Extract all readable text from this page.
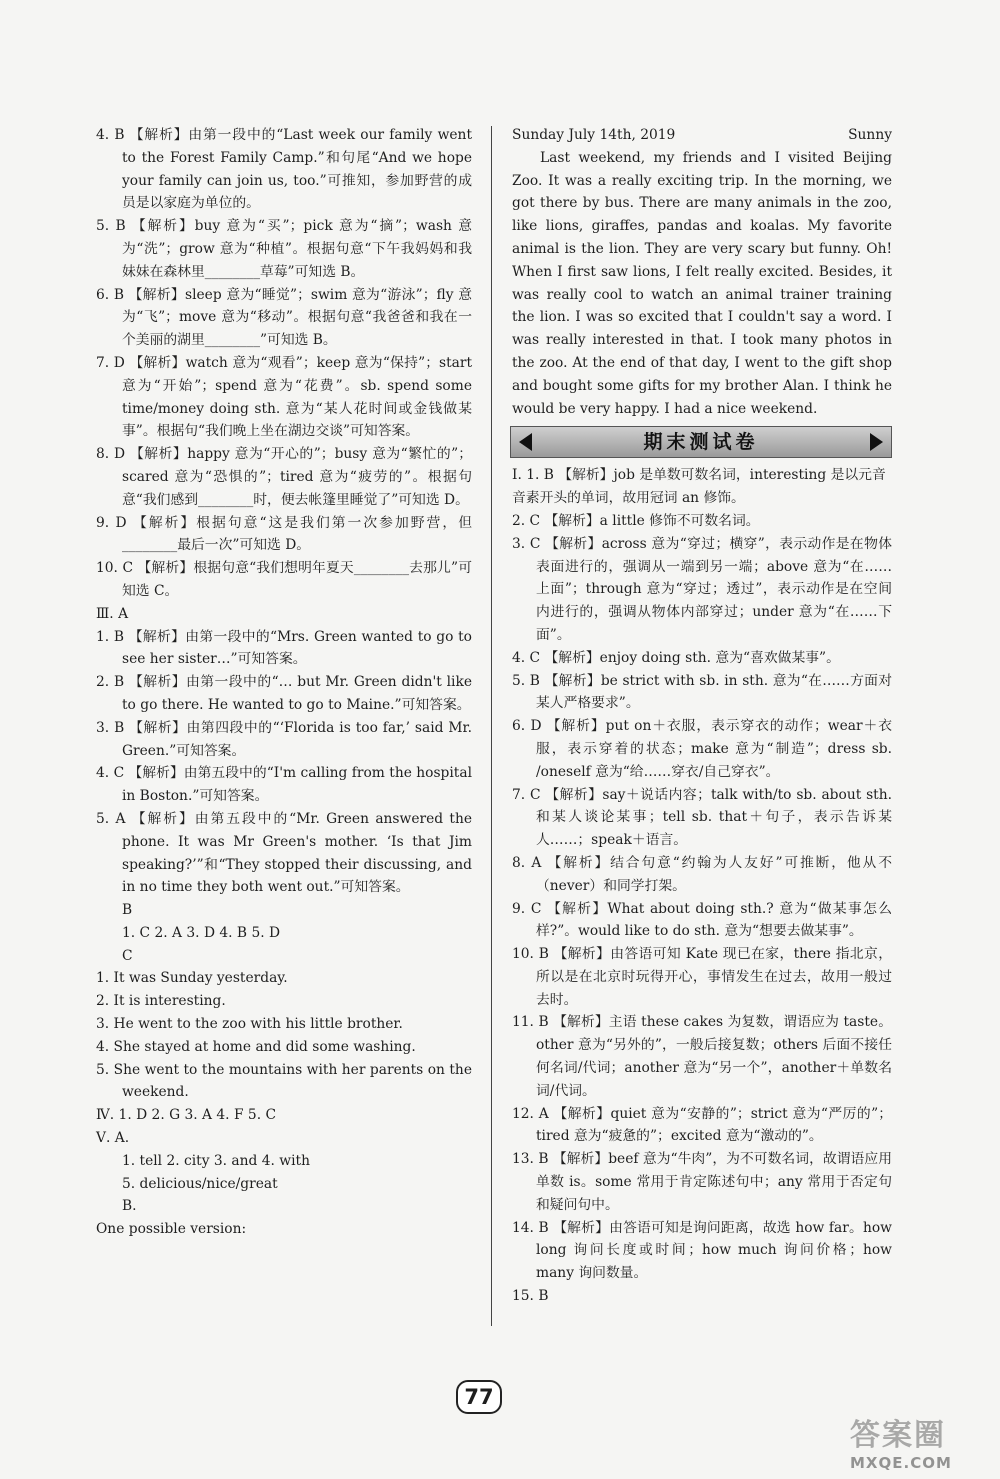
4. B 【解析】由第一段中的“Last week our family went to the Forest Family Camp.”和句尾“And we hope your family can join us, too.”可推知，参加野营的成员是以家庭为单位的。

5. B 【解析】buy 意为“买”；pick 意为“摘”；wash 意为“洗”；grow 意为“种植”。根据句意“下午我妈妈和我妹妹在森林里________草莓”可知选 B。

6. B 【解析】sleep 意为“睡觉”；swim 意为“游泳”；fly 意为“飞”；move 意为“移动”。根据句意“我爸爸和我在一个美丽的湖里________”可知选 B。

7. D 【解析】watch 意为“观看”；keep 意为“保持”；start 意为“开始”；spend 意为“花费”。sb. spend some time/money doing sth. 意为“某人花时间或金钱做某事”。根据句“我们晚上坐在湖边交谈”可知答案。

8. D 【解析】happy 意为“开心的”；busy 意为“繁忙的”；scared 意为“恐惧的”；tired 意为“疲劳的”。根据句意“我们感到________时，便去帐篷里睡觉了”可知选 D。

9. D 【解析】根据句意“这是我们第一次参加野营，但________最后一次”可知选 D。

10. C 【解析】根据句意“我们想明年夏天________去那儿”可知选 C。

Ⅲ. A

1. B 【解析】由第一段中的“Mrs. Green wanted to go to see her sister…”可知答案。

2. B 【解析】由第一段中的“… but Mr. Green didn't like to go there. He wanted to go to Maine.”可知答案。

3. B 【解析】由第四段中的“‘Florida is too far,’ said Mr. Green.”可知答案。

4. C 【解析】由第五段中的“I'm calling from the hospital in Boston.”可知答案。

5. A 【解析】由第五段中的“Mr. Green answered the phone. It was Mr Green's mother. ‘Is that Jim speaking?’”和“They stopped their discussing, and in no time they both went out.”可知答案。

B

1. C 2. A 3. D 4. B 5. D

C

1. It was Sunday yesterday.

2. It is interesting.

3. He went to the zoo with his little brother.

4. She stayed at home and did some washing.

5. She went to the mountains with her parents on the weekend.

Ⅳ. 1. D 2. G 3. A 4. F 5. C

Ⅴ. A.

1. tell 2. city 3. and 4. with

5. delicious/nice/great

B.

One possible version:

Sunday July 14th, 2019	Sunny

Last weekend, my friends and I visited Beijing Zoo. It was a really exciting trip. In the morning, we got there by bus. There are many animals in the zoo, like lions, giraffes, pandas and koalas. My favorite animal is the lion. They are very scary but funny. Oh! When I first saw lions, I felt really excited. Besides, it was really cool to watch an animal trainer training the lion. I was so excited that I couldn't say a word. I was really interested in that. I took many photos in the zoo. At the end of that day, I went to the gift shop and bought some gifts for my brother Alan. I think he would be very happy. I had a nice weekend.

期末测试卷

Ⅰ. 1. B 【解析】job 是单数可数名词，interesting 是以元音音素开头的单词，故用冠词 an 修饰。

2. C 【解析】a little 修饰不可数名词。

3. C 【解析】across 意为“穿过；横穿”，表示动作是在物体表面进行的，强调从一端到另一端；above 意为“在……上面”；through 意为“穿过；透过”，表示动作是在空间内进行的，强调从物体内部穿过；under 意为“在……下面”。

4. C 【解析】enjoy doing sth. 意为“喜欢做某事”。

5. B 【解析】be strict with sb. in sth. 意为“在……方面对某人严格要求”。

6. D 【解析】put on＋衣服，表示穿衣的动作；wear＋衣服，表示穿着的状态；make 意为“制造”；dress sb. /oneself 意为“给……穿衣/自己穿衣”。

7. C 【解析】say＋说话内容；talk with/to sb. about sth. 和某人谈论某事；tell sb. that＋句子，表示告诉某人……；speak＋语言。

8. A 【解析】结合句意“约翰为人友好”可推断，他从不（never）和同学打架。

9. C 【解析】What about doing sth.? 意为“做某事怎么样?”。would like to do sth. 意为“想要去做某事”。

10. B 【解析】由答语可知 Kate 现已在家，there 指北京，所以是在北京时玩得开心，事情发生在过去，故用一般过去时。

11. B 【解析】主语 these cakes 为复数，谓语应为 taste。other 意为“另外的”，一般后接复数；others 后面不接任何名词/代词；another 意为“另一个”，another＋单数名词/代词。

12. A 【解析】quiet 意为“安静的”；strict 意为“严厉的”；tired 意为“疲惫的”；excited 意为“激动的”。

13. B 【解析】beef 意为“牛肉”，为不可数名词，故谓语应用单数 is。some 常用于肯定陈述句中；any 常用于否定句和疑问句中。

14. B 【解析】由答语可知是询问距离，故选 how far。how long 询问长度或时间；how much 询问价格；how many 询问数量。

15. B

77
答案圈
MXQE.COM
